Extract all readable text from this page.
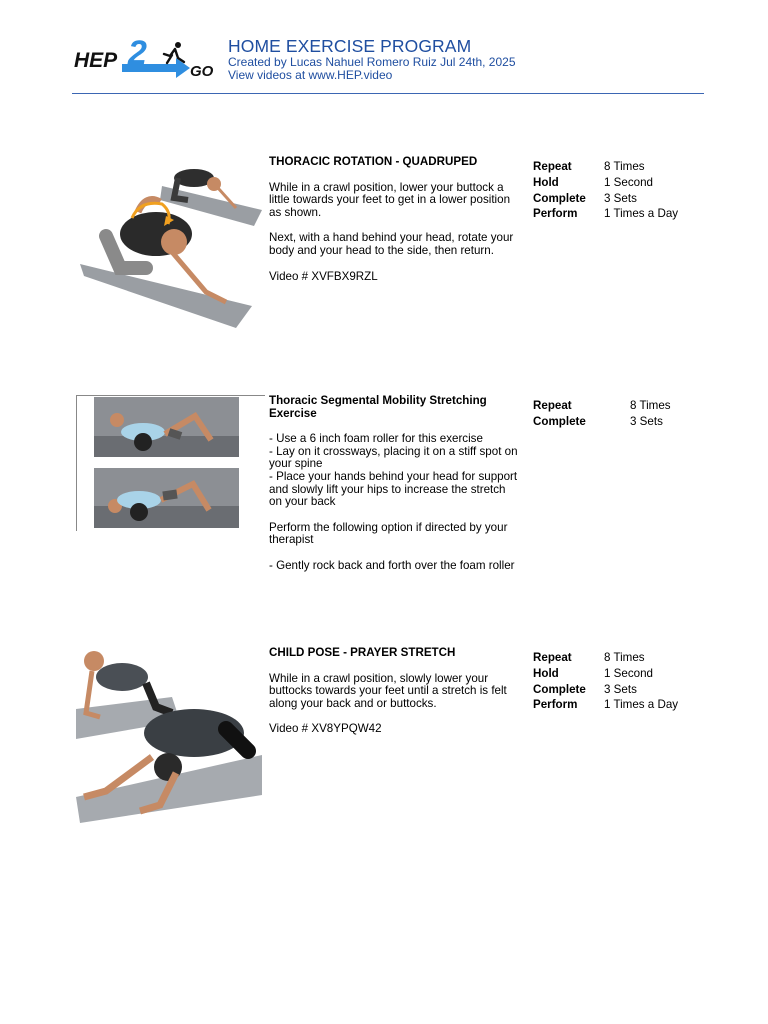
HEP 2	GO
HOME EXERCISE PROGRAM
Created by Lucas Nahuel Romero Ruiz Jul 24th, 2025
View videos at www.HEP.video
THORACIC ROTATION - QUADRUPED

While in a crawl position, lower your buttock a little towards your feet to get in a lower position as shown.

Next, with a hand behind your head, rotate your body and your head to the side, then return.

Video # XVFBX9RZL

Repeat	8 Times
Hold	1 Second
Complete	3 Sets
Perform	1 Times a Day
Thoracic Segmental Mobility Stretching Exercise

- Use a 6 inch foam roller for this exercise
- Lay on it crossways, placing it on a stiff spot on your spine
- Place your hands behind your head for support and slowly lift your hips to increase the stretch on your back

Perform the following option if directed by your therapist

- Gently rock back and forth over the foam roller

Repeat	8 Times
Complete	3 Sets
CHILD POSE - PRAYER STRETCH

While in a crawl position, slowly lower your buttocks towards your feet until a stretch is felt along your back and or buttocks.

Video # XV8YPQW42

Repeat	8 Times
Hold	1 Second
Complete	3 Sets
Perform	1 Times a Day
